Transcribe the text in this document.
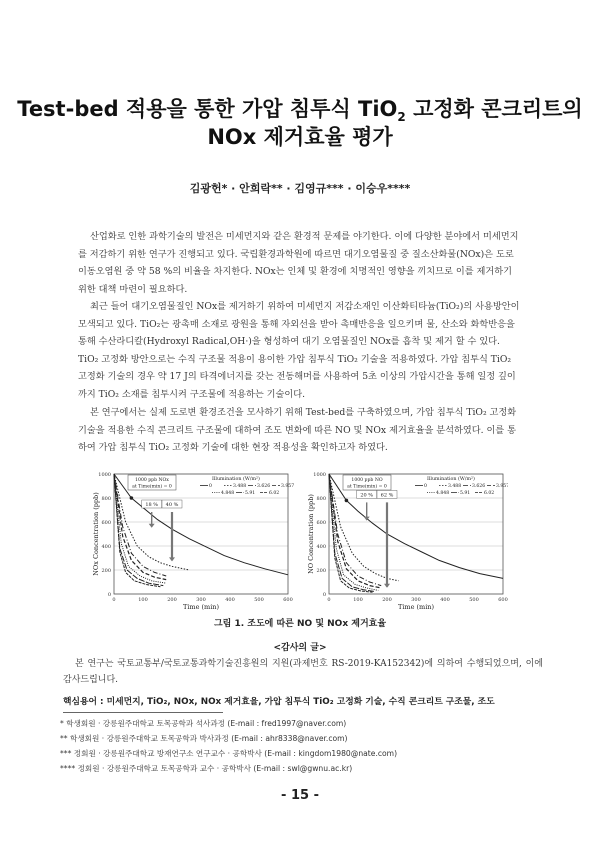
Test-bed 적용을 통한 가압 침투식 TiO$_2$ 고정화 콘크리트의
NOx 제거효율 평가
김광헌* · 안희락** · 김영규*** · 이승우****
산업화로 인한 과학기술의 발전은 미세먼지와 같은 환경적 문제를 야기한다. 이에 다양한 분야에서 미세먼지
를 저감하기 위한 연구가 진행되고 있다. 국립환경과학원에 따르면 대기오염물질 중 질소산화물(NOx)은 도로
이동오염원 중 약 58 %의 비율을 차지한다. NOx는 인체 및 환경에 치명적인 영향을 끼치므로 이를 제거하기
위한 대책 마련이 필요하다.
최근 들어 대기오염물질인 NOx를 제거하기 위하여 미세먼지 저감소재인 이산화티타늄(TiO₂)의 사용방안이
모색되고 있다. TiO₂는 광촉매 소재로 광원을 통해 자외선을 받아 촉매반응을 일으키며 물, 산소와 화학반응을
통해 수산라디칼(Hydroxyl Radical,OH·)을 형성하여 대기 오염물질인 NOx를 흡착 및 제거 할 수 있다.
TiO₂ 고정화 방안으로는 수직 구조물 적용이 용이한 가압 침투식 TiO₂ 기술을 적용하였다. 가압 침투식 TiO₂
고정화 기술의 경우 약 17 J의 타격에너지를 갖는 전동해머를 사용하여 5초 이상의 가압시간을 통해 일정 깊이
까지 TiO₂ 소재를 침투시켜 구조물에 적용하는 기술이다.
본 연구에서는 실제 도로변 환경조건을 모사하기 위해 Test-bed를 구축하였으며, 가압 침투식 TiO₂ 고정화
기술을 적용한 수직 콘크리트 구조물에 대하여 조도 변화에 따른 NO 및 NOx 제거효율을 분석하였다. 이를 통
하여 가압 침투식 TiO₂ 고정화 기술에 대한 현장 적용성을 확인하고자 하였다.
0
200
400
600
800
1000
0	100	200	300	400	500	600
Time (min)
NOx Concentration (ppb)
1000 ppb NOx
at Time(min) = 0
Illumination (W/m²)
0	3.488 3.626 3.957
4.848 5.91	6.02
18 % 40 %
0
200
400
600
800
1000
0	100	200	300	400	500	600
Time (min)
NO Concentration (ppb)
1000 ppb NO
at Time(min) = 0
Illumination (W/m²)
0	3.488 3.626 3.957
4.848 5.91	6.02
20 % 62 %
그림 1. 조도에 따른 NO 및 NOx 제거효율
<감사의 글>
본 연구는 국토교통부/국토교통과학기술진흥원의 지원(과제번호 RS-2019-KA152342)에 의하여 수행되었으며, 이에 감사드립니다.
핵심용어 : 미세먼지, TiO₂, NOx, NOx 제거효율, 가압 침투식 TiO₂ 고정화 기술, 수직 콘크리트 구조물, 조도
* 학생회원 · 강릉원주대학교 토목공학과 석사과정 (E-mail : fred1997@naver.com)
** 학생회원 · 강릉원주대학교 토목공학과 박사과정 (E-mail : ahr8338@naver.com)
*** 정회원 · 강릉원주대학교 방재연구소 연구교수 · 공학박사 (E-mail : kingdom1980@nate.com)
**** 정회원 · 강릉원주대학교 토목공학과 교수 · 공학박사 (E-mail : swl@gwnu.ac.kr)
- 15 -
